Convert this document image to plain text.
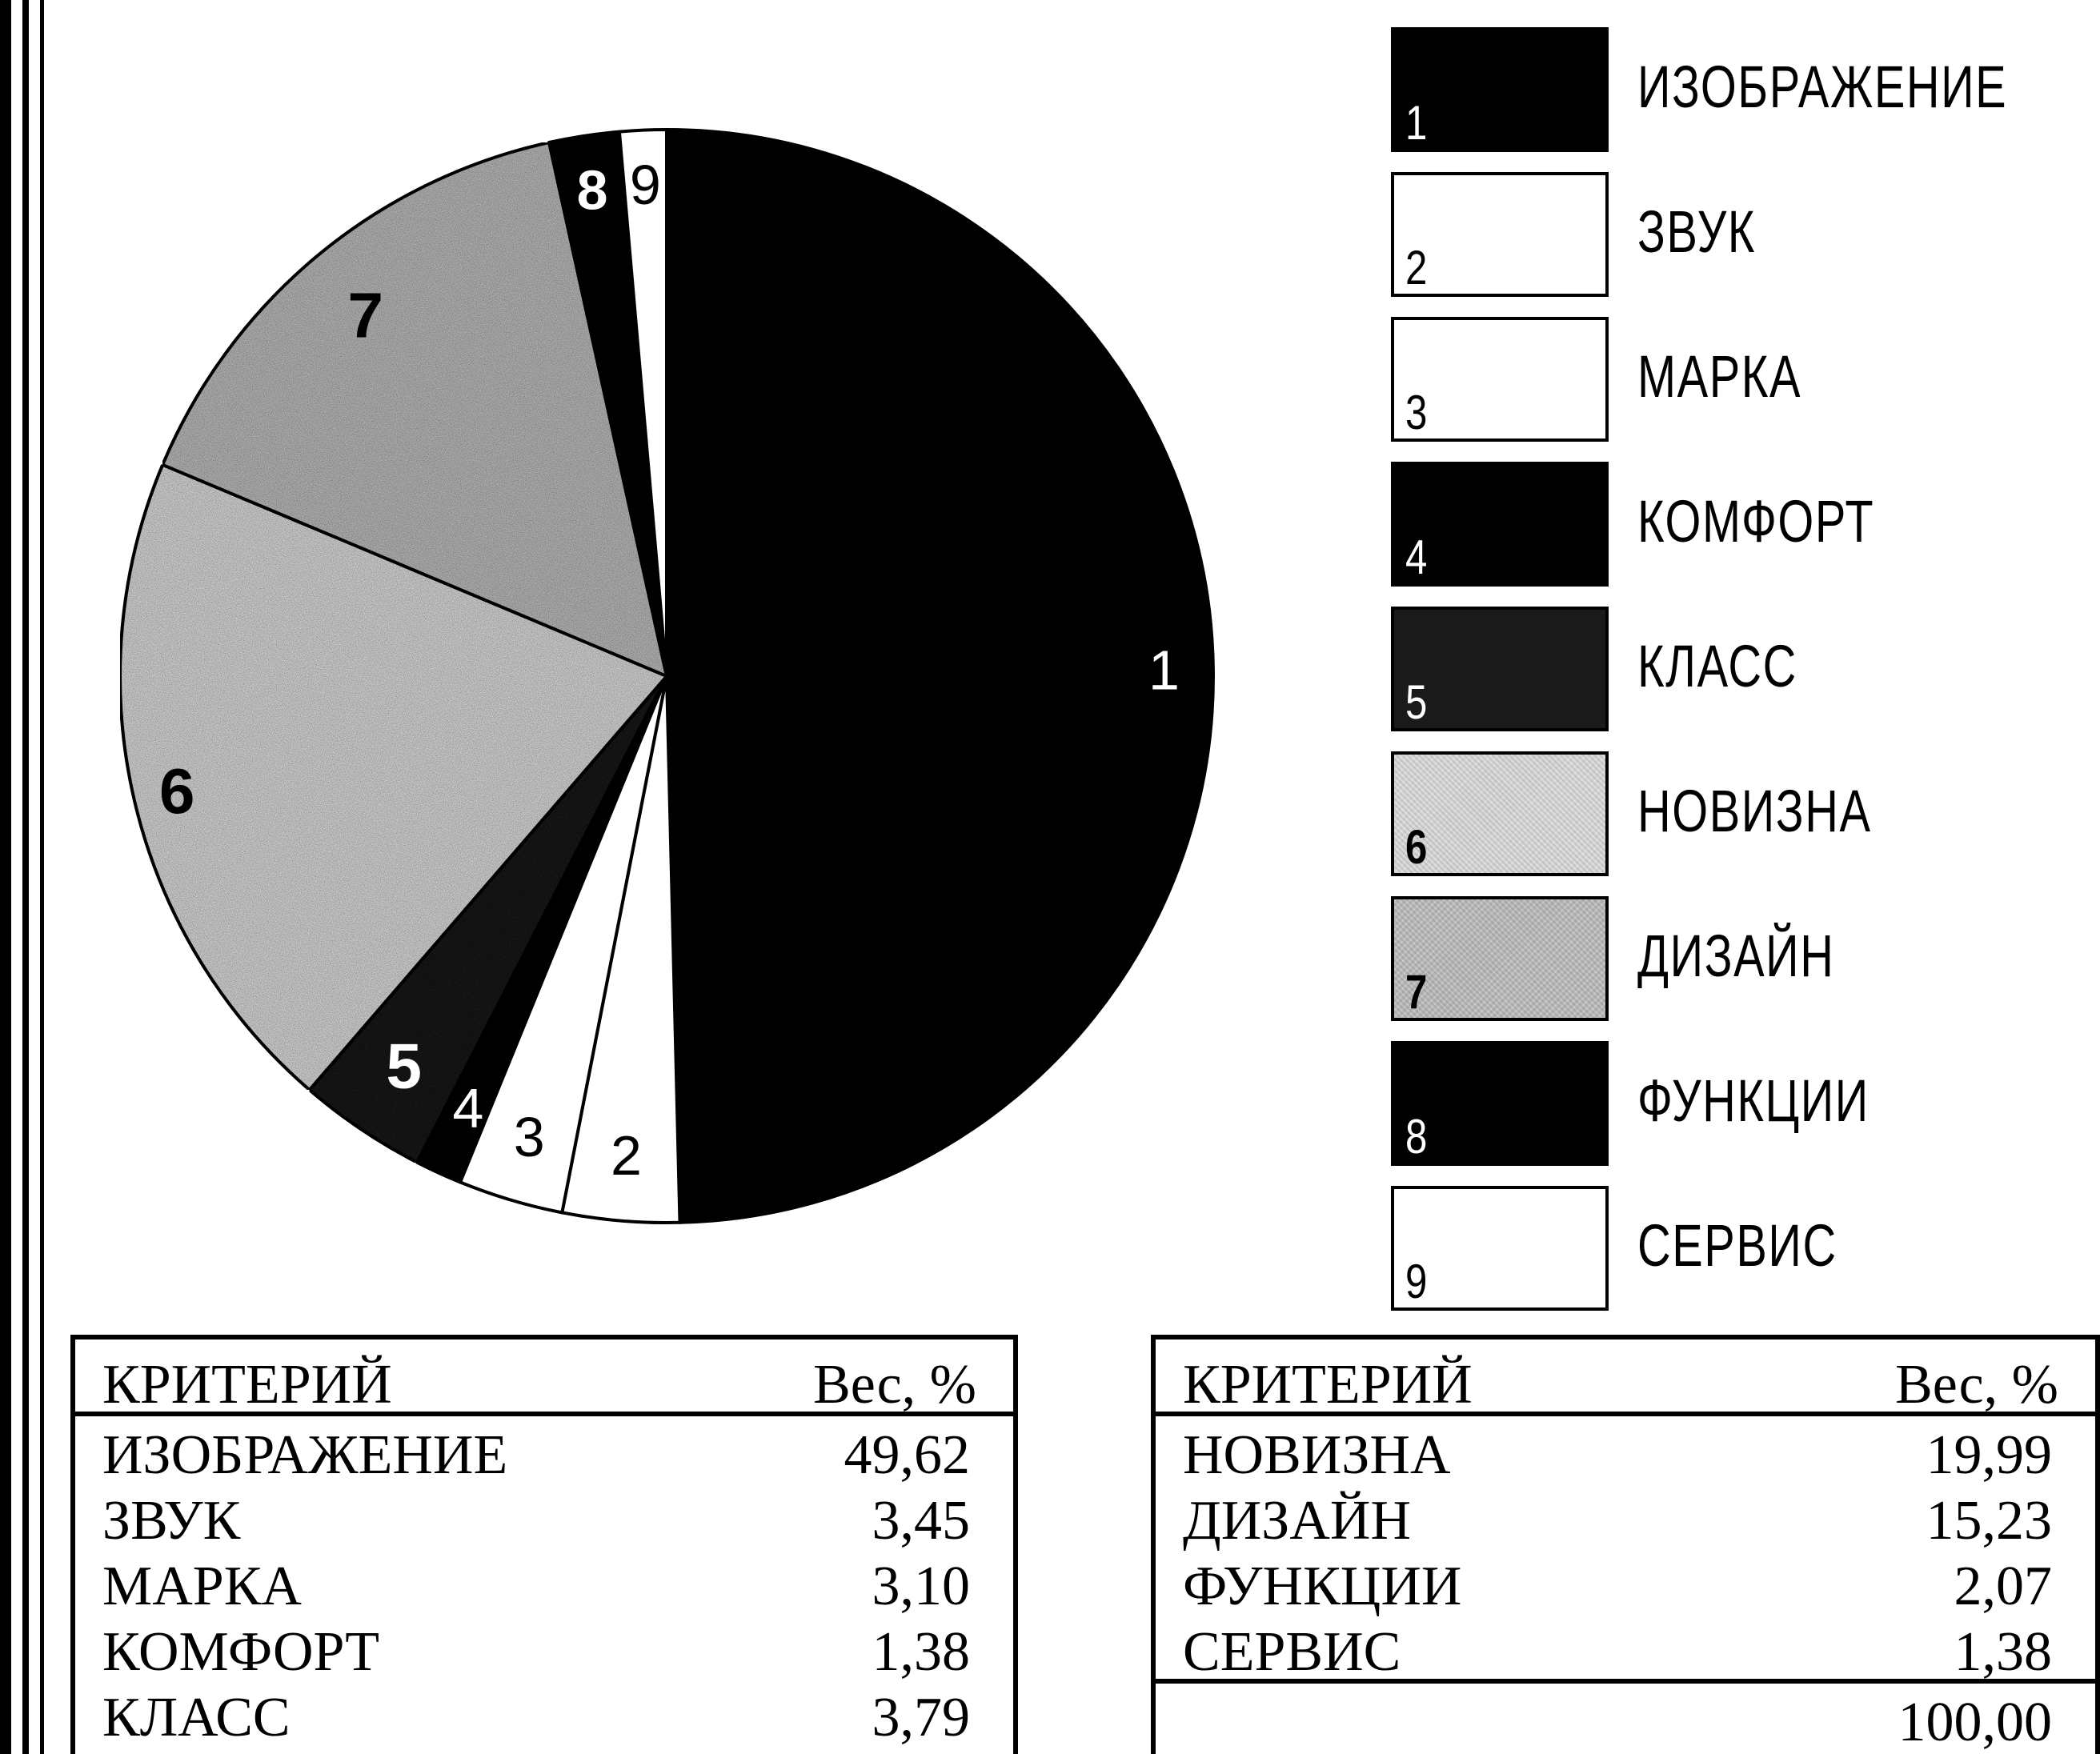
1
2
3
4
5
6
7
8 9
1
ИЗОБРАЖЕНИЕ
2
ЗВУК
3
МАРКА
4
КОМФОРТ
5
КЛАСС
6
НОВИЗНА
7
ДИЗАЙН
8
ФУНКЦИИ
9
СЕРВИС
КРИТЕРИЙ	Вес, %
ИЗОБРАЖЕНИЕ	49,62
ЗВУК	3,45
МАРКА	3,10
КОМФОРТ	1,38
КЛАСС	3,79
КРИТЕРИЙ	Вес, %
НОВИЗНА	19,99
ДИЗАЙН	15,23
ФУНКЦИИ	2,07
СЕРВИС	1,38
100,00
